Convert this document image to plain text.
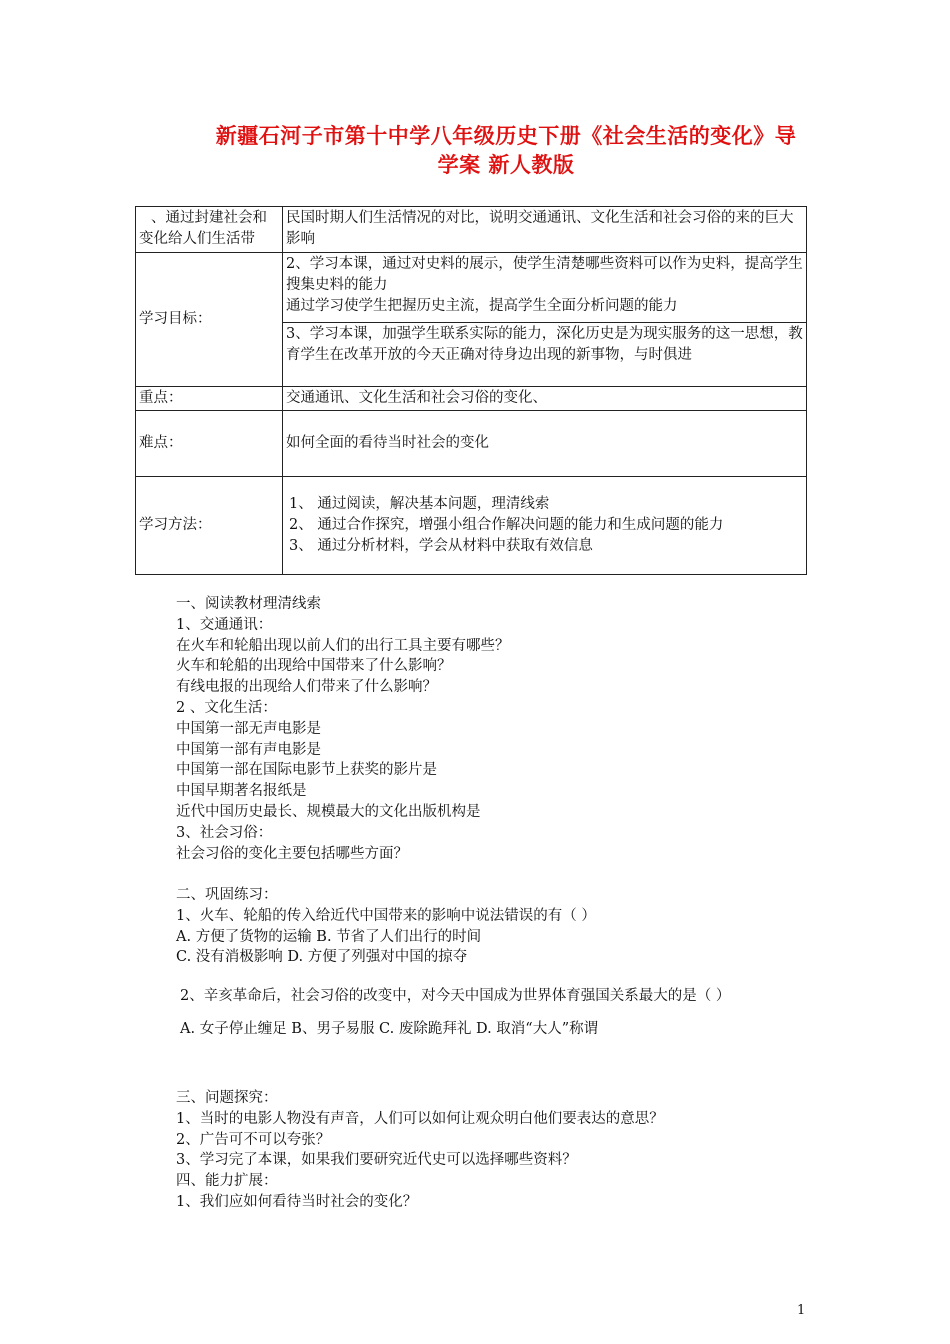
新疆石河子市第十中学八年级历史下册《社会生活的变化》导
学案 新人教版
、通过封建社会和变化给人们生活带	民国时期人们生活情况的对比，说明交通通讯、文化生活和社会习俗的来的巨大影响
学习目标：	2、学习本课，通过对史料的展示，使学生清楚哪些资料可以作为史料，提高学生搜集史料的能力
通过学习使学生把握历史主流，提高学生全面分析问题的能力

	3、学习本课，加强学生联系实际的能力，深化历史是为现实服务的这一思想，教育学生在改革开放的今天正确对待身边出现的新事物，与时俱进
重点：	交通通讯、文化生活和社会习俗的变化、
难点：	如何全面的看待当时社会的变化
学习方法：	1、 通过阅读，解决基本问题，理清线索
2、 通过合作探究，增强小组合作解决问题的能力和生成问题的能力
3、 通过分析材料，学会从材料中获取有效信息
一、阅读教材理清线索
1、交通通讯：
在火车和轮船出现以前人们的出行工具主要有哪些？
火车和轮船的出现给中国带来了什么影响？
有线电报的出现给人们带来了什么影响？
2 、文化生活：
中国第一部无声电影是
中国第一部有声电影是
中国第一部在国际电影节上获奖的影片是
中国早期著名报纸是
近代中国历史最长、规模最大的文化出版机构是
3、社会习俗：
社会习俗的变化主要包括哪些方面？
二、巩固练习：
1、火车、轮船的传入给近代中国带来的影响中说法错误的有（ ）
A. 方便了货物的运输 B. 节省了人们出行的时间
C. 没有消极影响 D. 方便了列强对中国的掠夺
2、辛亥革命后，社会习俗的改变中，对今天中国成为世界体育强国关系最大的是（ ）
A. 女子停止缠足 B、男子易服 C. 废除跪拜礼 D. 取消“大人”称谓
三、问题探究：
1、当时的电影人物没有声音，人们可以如何让观众明白他们要表达的意思？
2、广告可不可以夸张？
3、学习完了本课，如果我们要研究近代史可以选择哪些资料？
四、能力扩展：
1、我们应如何看待当时社会的变化？
1
